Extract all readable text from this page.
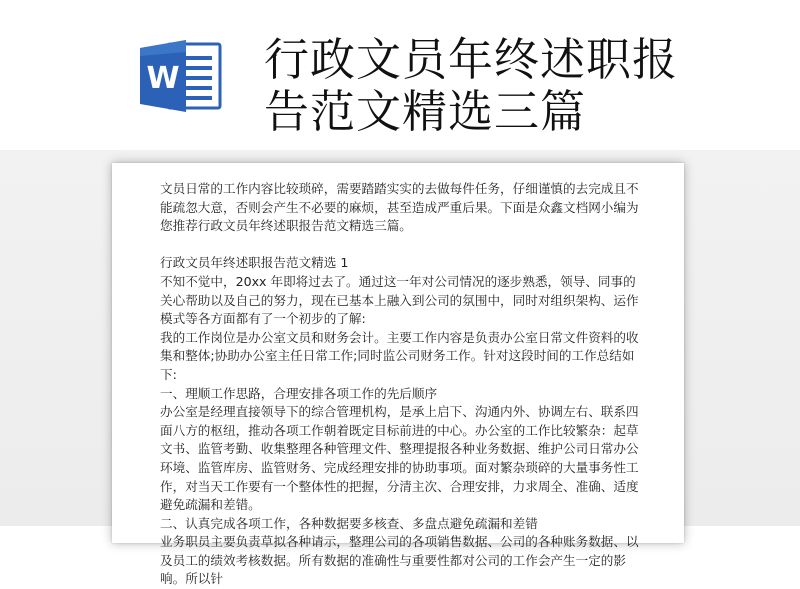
W 行政文员年终述职报
告范文精选三篇

文员日常的工作内容比较琐碎，需要踏踏实实的去做每件任务，仔细谨慎的去完成且不能疏忽大意，否则会产生不必要的麻烦，甚至造成严重后果。下面是众鑫文档网小编为您推荐行政文员年终述职报告范文精选三篇。

行政文员年终述职报告范文精选 1

不知不觉中，20xx 年即将过去了。通过这一年对公司情况的逐步熟悉，领导、同事的关心帮助以及自己的努力，现在已基本上融入到公司的氛围中，同时对组织架构、运作模式等各方面都有了一个初步的了解:

我的工作岗位是办公室文员和财务会计。主要工作内容是负责办公室日常文件资料的收集和整体;协助办公室主任日常工作;同时监公司财务工作。针对这段时间的工作总结如下:

一、理顺工作思路，合理安排各项工作的先后顺序

办公室是经理直接领导下的综合管理机构，是承上启下、沟通内外、协调左右、联系四面八方的枢纽，推动各项工作朝着既定目标前进的中心。办公室的工作比较繁杂：起草文书、监管考勤、收集整理各种管理文件、整理提报各种业务数据、维护公司日常办公环境、监管库房、监管财务、完成经理安排的协助事项。面对繁杂琐碎的大量事务性工作，对当天工作要有一个整体性的把握，分清主次、合理安排，力求周全、准确、适度避免疏漏和差错。

二、认真完成各项工作，各种数据要多核查、多盘点避免疏漏和差错

业务职员主要负责草拟各种请示，整理公司的各项销售数据、公司的各种账务数据、以及员工的绩效考核数据。所有数据的准确性与重要性都对公司的工作会产生一定的影响。所以针
